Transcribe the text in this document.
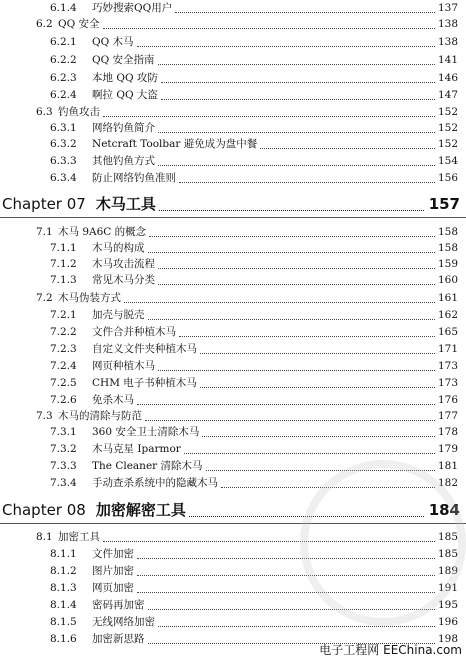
6.1.4 巧妙搜索QQ用户	137
6.2 QQ 安全	138
6.2.1 QQ 木马	138
6.2.2 QQ 安全指南	141
6.2.3 本地 QQ 攻防	146
6.2.4 啊拉 QQ 大盗	147
6.3 钓鱼攻击	152
6.3.1 网络钓鱼简介	152
6.3.2 Netcraft Toolbar 避免成为盘中餐	152
6.3.3 其他钓鱼方式	154
6.3.4 防止网络钓鱼准则	156
Chapter 07 木马工具	157
7.1 木马 9A6C 的概念	158
7.1.1 木马的构成	158
7.1.2 木马攻击流程	159
7.1.3 常见木马分类	160
7.2 木马伪装方式	161
7.2.1 加壳与脱壳	162
7.2.2 文件合并种植木马	165
7.2.3 自定义文件夹种植木马	171
7.2.4 网页种植木马	173
7.2.5 CHM 电子书种植木马	173
7.2.6 免杀木马	176
7.3 木马的清除与防范	177
7.3.1 360 安全卫士清除木马	178
7.3.2 木马克星 Iparmor	179
7.3.3 The Cleaner 清除木马	181
7.3.4 手动查杀系统中的隐藏木马	182
Chapter 08 加密解密工具	184
8.1 加密工具	185
8.1.1 文件加密	185
8.1.2 图片加密	189
8.1.3 网页加密	191
8.1.4 密码再加密	195
8.1.5 无线网络加密	196
8.1.6 加密新思路	198
电子工程网 EEChina.com
